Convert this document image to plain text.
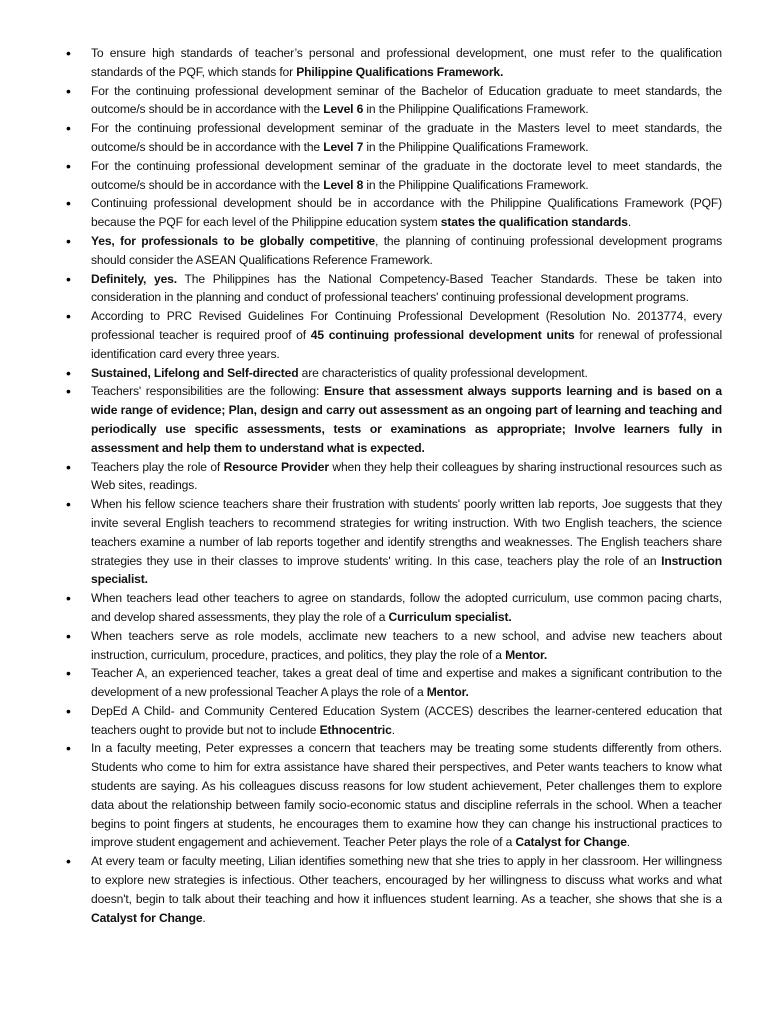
• To ensure high standards of teacher’s personal and professional development, one must refer to the qualification standards of the PQF, which stands for Philippine Qualifications Framework.
• For the continuing professional development seminar of the Bachelor of Education graduate to meet standards, the outcome/s should be in accordance with the Level 6 in the Philippine Qualifications Framework.
• For the continuing professional development seminar of the graduate in the Masters level to meet standards, the outcome/s should be in accordance with the Level 7 in the Philippine Qualifications Framework.
• For the continuing professional development seminar of the graduate in the doctorate level to meet standards, the outcome/s should be in accordance with the Level 8 in the Philippine Qualifications Framework.
• Continuing professional development should be in accordance with the Philippine Qualifications Framework (PQF) because the PQF for each level of the Philippine education system states the qualification standards.
• Yes, for professionals to be globally competitive, the planning of continuing professional development programs should consider the ASEAN Qualifications Reference Framework.
• Definitely, yes. The Philippines has the National Competency-Based Teacher Standards. These be taken into consideration in the planning and conduct of professional teachers' continuing professional development programs.
• According to PRC Revised Guidelines For Continuing Professional Development (Resolution No. 2013774, every professional teacher is required proof of 45 continuing professional development units for renewal of professional identification card every three years.
• Sustained, Lifelong and Self-directed are characteristics of quality professional development.
• Teachers' responsibilities are the following: Ensure that assessment always supports learning and is based on a wide range of evidence; Plan, design and carry out assessment as an ongoing part of learning and teaching and periodically use specific assessments, tests or examinations as appropriate; Involve learners fully in assessment and help them to understand what is expected.
• Teachers play the role of Resource Provider when they help their colleagues by sharing instructional resources such as Web sites, readings.
• When his fellow science teachers share their frustration with students' poorly written lab reports, Joe suggests that they invite several English teachers to recommend strategies for writing instruction. With two English teachers, the science teachers examine a number of lab reports together and identify strengths and weaknesses. The English teachers share strategies they use in their classes to improve students' writing. In this case, teachers play the role of an Instruction specialist.
• When teachers lead other teachers to agree on standards, follow the adopted curriculum, use common pacing charts, and develop shared assessments, they play the role of a Curriculum specialist.
• When teachers serve as role models, acclimate new teachers to a new school, and advise new teachers about instruction, curriculum, procedure, practices, and politics, they play the role of a Mentor.
• Teacher A, an experienced teacher, takes a great deal of time and expertise and makes a significant contribution to the development of a new professional Teacher A plays the role of a Mentor.
• DepEd A Child- and Community Centered Education System (ACCES) describes the learner-centered education that teachers ought to provide but not to include Ethnocentric.
• In a faculty meeting, Peter expresses a concern that teachers may be treating some students differently from others. Students who come to him for extra assistance have shared their perspectives, and Peter wants teachers to know what students are saying. As his colleagues discuss reasons for low student achievement, Peter challenges them to explore data about the relationship between family socio-economic status and discipline referrals in the school. When a teacher begins to point fingers at students, he encourages them to examine how they can change his instructional practices to improve student engagement and achievement. Teacher Peter plays the role of a Catalyst for Change.
• At every team or faculty meeting, Lilian identifies something new that she tries to apply in her classroom. Her willingness to explore new strategies is infectious. Other teachers, encouraged by her willingness to discuss what works and what doesn't, begin to talk about their teaching and how it influences student learning. As a teacher, she shows that she is a Catalyst for Change.
